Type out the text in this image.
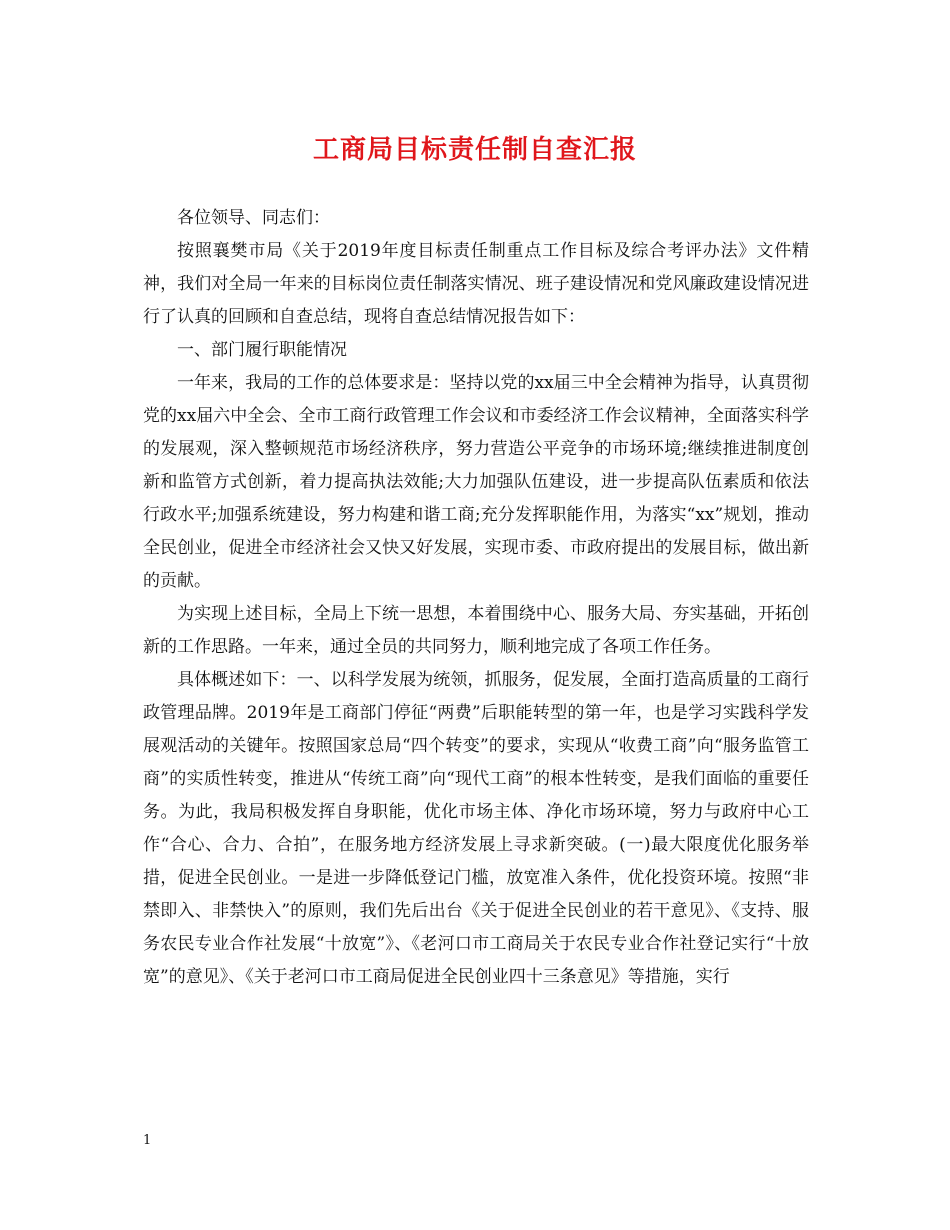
工商局目标责任制自查汇报

各位领导、同志们：

按照襄樊市局《关于2019年度目标责任制重点工作目标及综合考评办法》文件精神，我们对全局一年来的目标岗位责任制落实情况、班子建设情况和党风廉政建设情况进行了认真的回顾和自查总结，现将自查总结情况报告如下：

一、部门履行职能情况

一年来，我局的工作的总体要求是：坚持以党的xx届三中全会精神为指导，认真贯彻党的xx届六中全会、全市工商行政管理工作会议和市委经济工作会议精神，全面落实科学的发展观，深入整顿规范市场经济秩序，努力营造公平竞争的市场环境;继续推进制度创新和监管方式创新，着力提高执法效能;大力加强队伍建设，进一步提高队伍素质和依法行政水平;加强系统建设，努力构建和谐工商;充分发挥职能作用，为落实“xx”规划，推动全民创业，促进全市经济社会又快又好发展，实现市委、市政府提出的发展目标，做出新的贡献。

为实现上述目标，全局上下统一思想，本着围绕中心、服务大局、夯实基础，开拓创新的工作思路。一年来，通过全员的共同努力，顺利地完成了各项工作任务。

具体概述如下：一、以科学发展为统领，抓服务，促发展，全面打造高质量的工商行政管理品牌。2019年是工商部门停征“两费”后职能转型的第一年，也是学习实践科学发展观活动的关键年。按照国家总局“四个转变”的要求，实现从“收费工商”向“服务监管工商”的实质性转变，推进从“传统工商”向“现代工商”的根本性转变，是我们面临的重要任务。为此，我局积极发挥自身职能，优化市场主体、净化市场环境，努力与政府中心工作“合心、合力、合拍”，在服务地方经济发展上寻求新突破。(一)最大限度优化服务举措，促进全民创业。一是进一步降低登记门槛，放宽准入条件，优化投资环境。按照“非禁即入、非禁快入”的原则，我们先后出台《关于促进全民创业的若干意见》、《支持、服务农民专业合作社发展“十放宽”》、《老河口市工商局关于农民专业合作社登记实行“十放宽”的意见》、《关于老河口市工商局促进全民创业四十三条意见》等措施，实行

1
